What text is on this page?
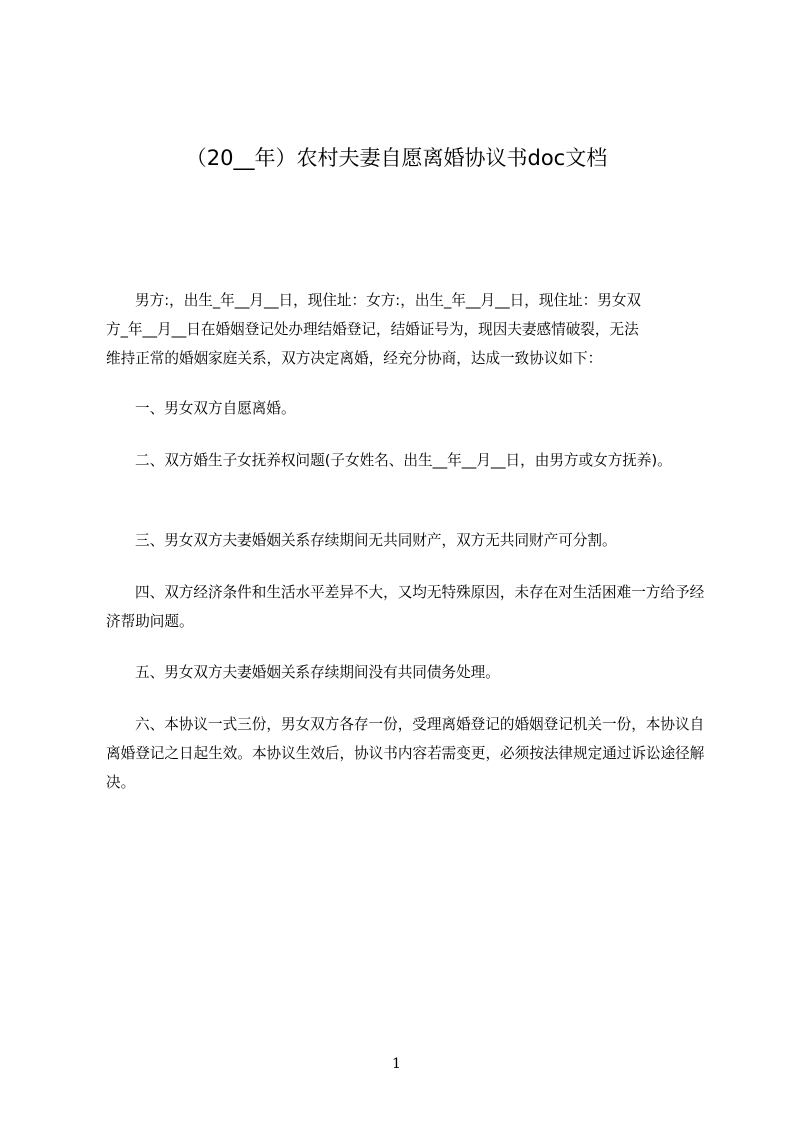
（20__年）农村夫妻自愿离婚协议书doc文档
男方:，出生_年__月__日，现住址：女方:，出生_年__月__日，现住址：男女双
方_年__月__日在婚姻登记处办理结婚登记，结婚证号为，现因夫妻感情破裂，无法
维持正常的婚姻家庭关系，双方决定离婚，经充分协商，达成一致协议如下：
一、男女双方自愿离婚。
二、双方婚生子女抚养权问题(子女姓名、出生__年__月__日，由男方或女方抚养)。
三、男女双方夫妻婚姻关系存续期间无共同财产，双方无共同财产可分割。
四、双方经济条件和生活水平差异不大，又均无特殊原因，未存在对生活困难一方给予经济帮助问题。
五、男女双方夫妻婚姻关系存续期间没有共同债务处理。
六、本协议一式三份，男女双方各存一份，受理离婚登记的婚姻登记机关一份，本协议自离婚登记之日起生效。本协议生效后，协议书内容若需变更，必须按法律规定通过诉讼途径解决。
1
